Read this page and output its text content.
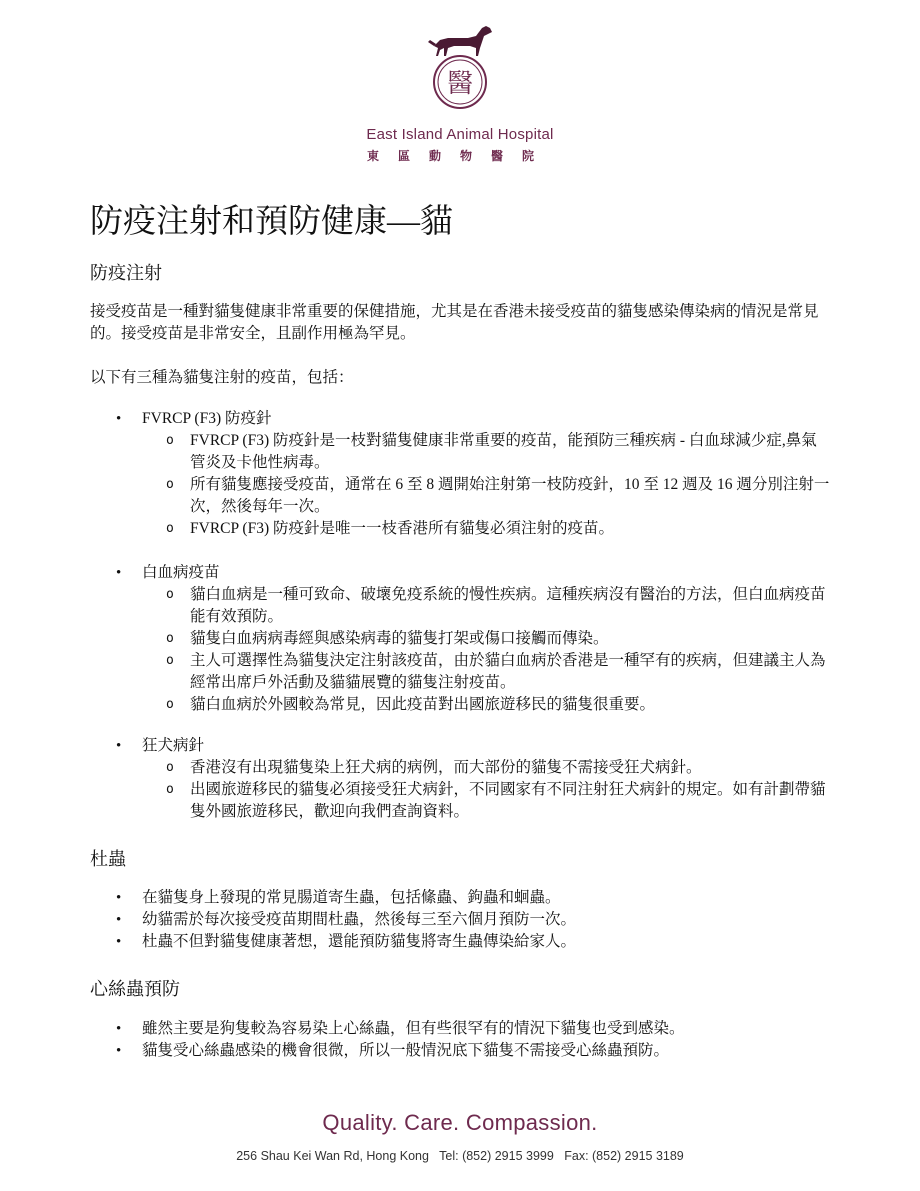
醫
East Island Animal Hospital
東區動物醫院
防疫注射和預防健康—貓
防疫注射

接受疫苗是一種對貓隻健康非常重要的保健措施，尤其是在香港未接受疫苗的貓隻感染傳染病的情況是常見的。接受疫苗是非常安全，且副作用極為罕見。

以下有三種為貓隻注射的疫苗，包括：

• FVRCP (F3) 防疫針
o FVRCP (F3) 防疫針是一枝對貓隻健康非常重要的疫苗，能預防三種疾病 - 白血球減少症,鼻氣管炎及卡他性病毒。
o 所有貓隻應接受疫苗，通常在 6 至 8 週開始注射第一枝防疫針，10 至 12 週及 16 週分別注射一次，然後每年一次。
o FVRCP (F3) 防疫針是唯一一枝香港所有貓隻必須注射的疫苗。
• 白血病疫苗
o 貓白血病是一種可致命、破壞免疫系統的慢性疾病。這種疾病沒有醫治的方法，但白血病疫苗能有效預防。
o 貓隻白血病病毒經與感染病毒的貓隻打架或傷口接觸而傳染。
o 主人可選擇性為貓隻決定注射該疫苗，由於貓白血病於香港是一種罕有的疾病，但建議主人為經常出席戶外活動及貓貓展覽的貓隻注射疫苗。
o 貓白血病於外國較為常見，因此疫苗對出國旅遊移民的貓隻很重要。
• 狂犬病針
o 香港沒有出現貓隻染上狂犬病的病例，而大部份的貓隻不需接受狂犬病針。
o 出國旅遊移民的貓隻必須接受狂犬病針，不同國家有不同注射狂犬病針的規定。如有計劃帶貓隻外國旅遊移民，歡迎向我們查詢資料。
杜蟲
• 在貓隻身上發現的常見腸道寄生蟲，包括絛蟲、鉤蟲和蛔蟲。
• 幼貓需於每次接受疫苗期間杜蟲，然後每三至六個月預防一次。
• 杜蟲不但對貓隻健康著想，還能預防貓隻將寄生蟲傳染給家人。
心絲蟲預防
• 雖然主要是狗隻較為容易染上心絲蟲，但有些很罕有的情況下貓隻也受到感染。
• 貓隻受心絲蟲感染的機會很微，所以一般情況底下貓隻不需接受心絲蟲預防。
Quality. Care. Compassion.
256 Shau Kei Wan Rd, Hong Kong   Tel: (852) 2915 3999   Fax: (852) 2915 3189
